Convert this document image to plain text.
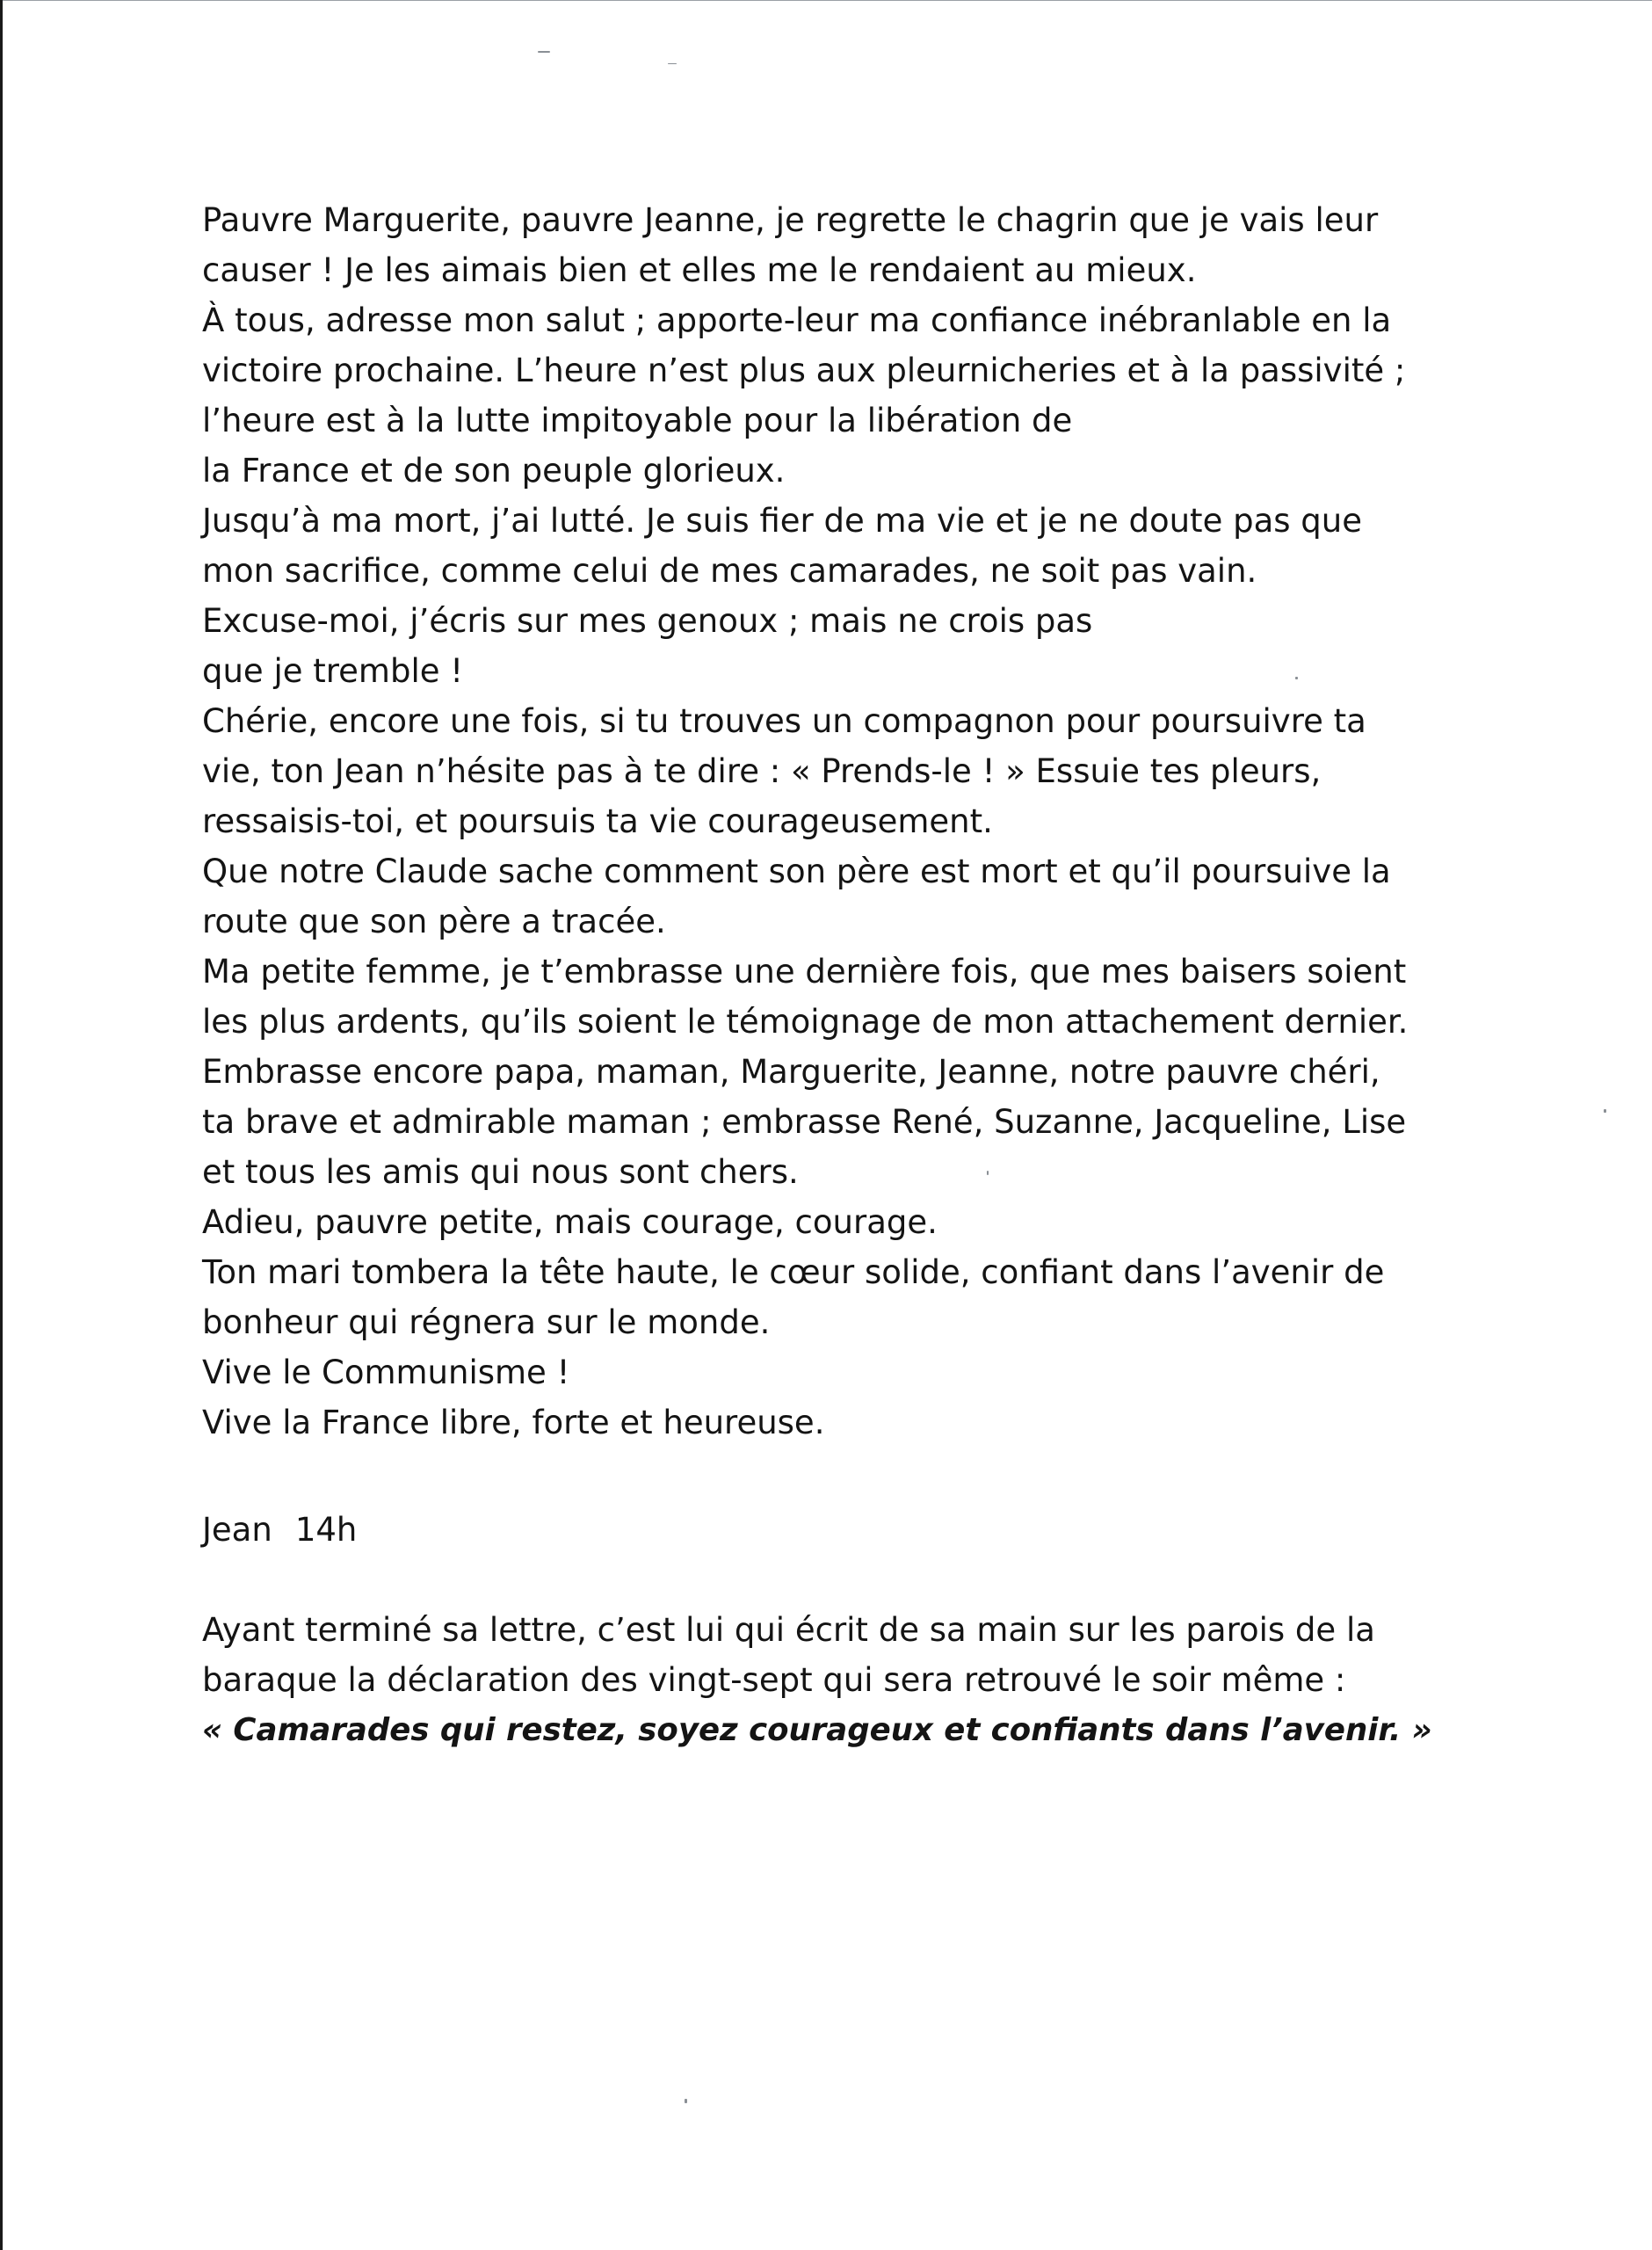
Pauvre Marguerite, pauvre Jeanne, je regrette le chagrin que je vais leur
causer ! Je les aimais bien et elles me le rendaient au mieux.
À tous, adresse mon salut ; apporte-leur ma confiance inébranlable en la
victoire prochaine. L’heure n’est plus aux pleurnicheries et à la passivité ;
l’heure est à la lutte impitoyable pour la libération de
la France et de son peuple glorieux.
Jusqu’à ma mort, j’ai lutté. Je suis fier de ma vie et je ne doute pas que
mon sacrifice, comme celui de mes camarades, ne soit pas vain.
Excuse-moi, j’écris sur mes genoux ; mais ne crois pas
que je tremble !
Chérie, encore une fois, si tu trouves un compagnon pour poursuivre ta
vie, ton Jean n’hésite pas à te dire : « Prends-le ! » Essuie tes pleurs,
ressaisis-toi, et poursuis ta vie courageusement.
Que notre Claude sache comment son père est mort et qu’il poursuive la
route que son père a tracée.
Ma petite femme, je t’embrasse une dernière fois, que mes baisers soient
les plus ardents, qu’ils soient le témoignage de mon attachement dernier.
Embrasse encore papa, maman, Marguerite, Jeanne, notre pauvre chéri,
ta brave et admirable maman ; embrasse René, Suzanne, Jacqueline, Lise
et tous les amis qui nous sont chers.
Adieu, pauvre petite, mais courage, courage.
Ton mari tombera la tête haute, le cœur solide, confiant dans l’avenir de
bonheur qui régnera sur le monde.
Vive le Communisme !
Vive la France libre, forte et heureuse.
Jean 14h
Ayant terminé sa lettre, c’est lui qui écrit de sa main sur les parois de la
baraque la déclaration des vingt-sept qui sera retrouvé le soir même :
« Camarades qui restez, soyez courageux et confiants dans l’avenir. »
